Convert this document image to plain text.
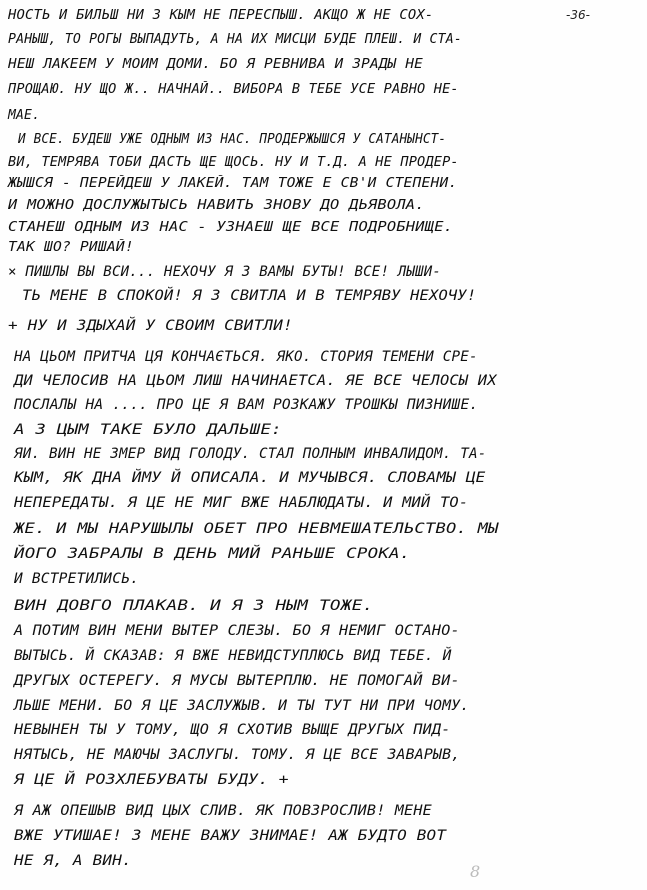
-36-
НОСТЬ И БИЛЬШ НИ З КЫМ НЕ ПЕРЕСПЫШ. АКЩО Ж НЕ СОХ-
РАНЫШ, ТО РОГЫ ВЫПАДУТЬ, А НА ИХ МИСЦИ БУДЕ ПЛЕШ. И СТА-
НЕШ ЛАКЕЕМ У МОИМ ДОМИ. БО Я РЕВНИВА И ЗРАДЫ НЕ
ПРОЩАЮ. НУ ЩО Ж.. НАЧНАЙ.. ВИБОРА В ТЕБЕ УСЕ РАВНО НЕ-
МАЕ.
И ВСЕ. БУДЕШ УЖЕ ОДНЫМ ИЗ НАС. ПРОДЕРЖЫШСЯ У САТАНЫНСТ-
ВИ, ТЕМРЯВА ТОБИ ДАСТЬ ЩЕ ЩОСЬ. НУ И Т.Д. А НЕ ПРОДЕР-
ЖЫШСЯ - ПЕРЕЙДЕШ У ЛАКЕЙ. ТАМ ТОЖЕ Е СВ'И СТЕПЕНИ.
И МОЖНО ДОСЛУЖЫТЫСЬ НАВИТЬ ЗНОВУ ДО ДЬЯВОЛА.
СТАНЕШ ОДНЫМ ИЗ НАС - УЗНАЕШ ЩЕ ВСЕ ПОДРОБНИЩЕ.
ТАК ШО? РИШАЙ!
× ПИШЛЫ ВЫ ВСИ... НЕХОЧУ Я З ВАМЫ БУТЫ! ВСЕ! ЛЫШИ-
ТЬ МЕНЕ В СПОКОЙ! Я З СВИТЛА И В ТЕМРЯВУ НЕХОЧУ!
+ НУ И ЗДЫХАЙ У СВОИМ СВИТЛИ!
НА ЦЬОМ ПРИТЧА ЦЯ КОНЧАЄТЬСЯ. ЯКО. СТОРИЯ ТЕМЕНИ СРЕ-
ДИ ЧЕЛОСИВ НА ЦЬОМ ЛИШ НАЧИНАЕТСА. ЯЕ ВСЕ ЧЕЛОСЫ ИХ
ПОСЛАЛЫ НА .... ПРО ЦЕ Я ВАМ РОЗКАЖУ ТРОШКЫ ПИЗНИШЕ.
А З ЦЫМ ТАКЕ БУЛО ДАЛЬШЕ:
ЯИ. ВИН НЕ ЗМЕР ВИД ГОЛОДУ. СТАЛ ПОЛНЫМ ИНВАЛИДОМ. ТА-
КЫМ, ЯК ДНА ЙМУ Й ОПИСАЛА. И МУЧЫВСЯ. СЛОВАМЫ ЦЕ
НЕПЕРЕДАТЫ. Я ЦЕ НЕ МИГ ВЖЕ НАБЛЮДАТЫ. И МИЙ ТО-
ЖЕ. И МЫ НАРУШЫЛЫ ОБЕТ ПРО НЕВМЕШАТЕЛЬСТВО. МЫ
ЙОГО ЗАБРАЛЫ В ДЕНЬ МИЙ РАНЬШЕ СРОКА.
И ВСТРЕТИЛИСЬ.
ВИН ДОВГО ПЛАКАВ. И Я З НЫМ ТОЖЕ.
А ПОТИМ ВИН МЕНИ ВЫТЕР СЛЕЗЫ. БО Я НЕМИГ ОСТАНО-
ВЫТЫСЬ. Й СКАЗАВ: Я ВЖЕ НЕВИДСТУПЛЮСЬ ВИД ТЕБЕ. Й
ДРУГЫХ ОСТЕРЕГУ. Я МУСЫ ВЫТЕРПЛЮ. НЕ ПОМОГАЙ ВИ-
ЛЬШЕ МЕНИ. БО Я ЦЕ ЗАСЛУЖЫВ. И ТЫ ТУТ НИ ПРИ ЧОМУ.
НЕВЫНЕН ТЫ У ТОМУ, ЩО Я СХОТИВ ВЫЩЕ ДРУГЫХ ПИД-
НЯТЫСЬ, НЕ МАЮЧЫ ЗАСЛУГЫ. ТОМУ. Я ЦЕ ВСЕ ЗАВАРЫВ,
Я ЦЕ Й РОЗХЛЕБУВАТЫ БУДУ. +
Я АЖ ОПЕШЫВ ВИД ЦЫХ СЛИВ. ЯК ПОВЗРОСЛИВ! МЕНЕ
ВЖЕ УТИШАЕ! З МЕНЕ ВАЖУ ЗНИМАЕ! АЖ БУДТО ВОТ
НЕ Я, А ВИН.
8
